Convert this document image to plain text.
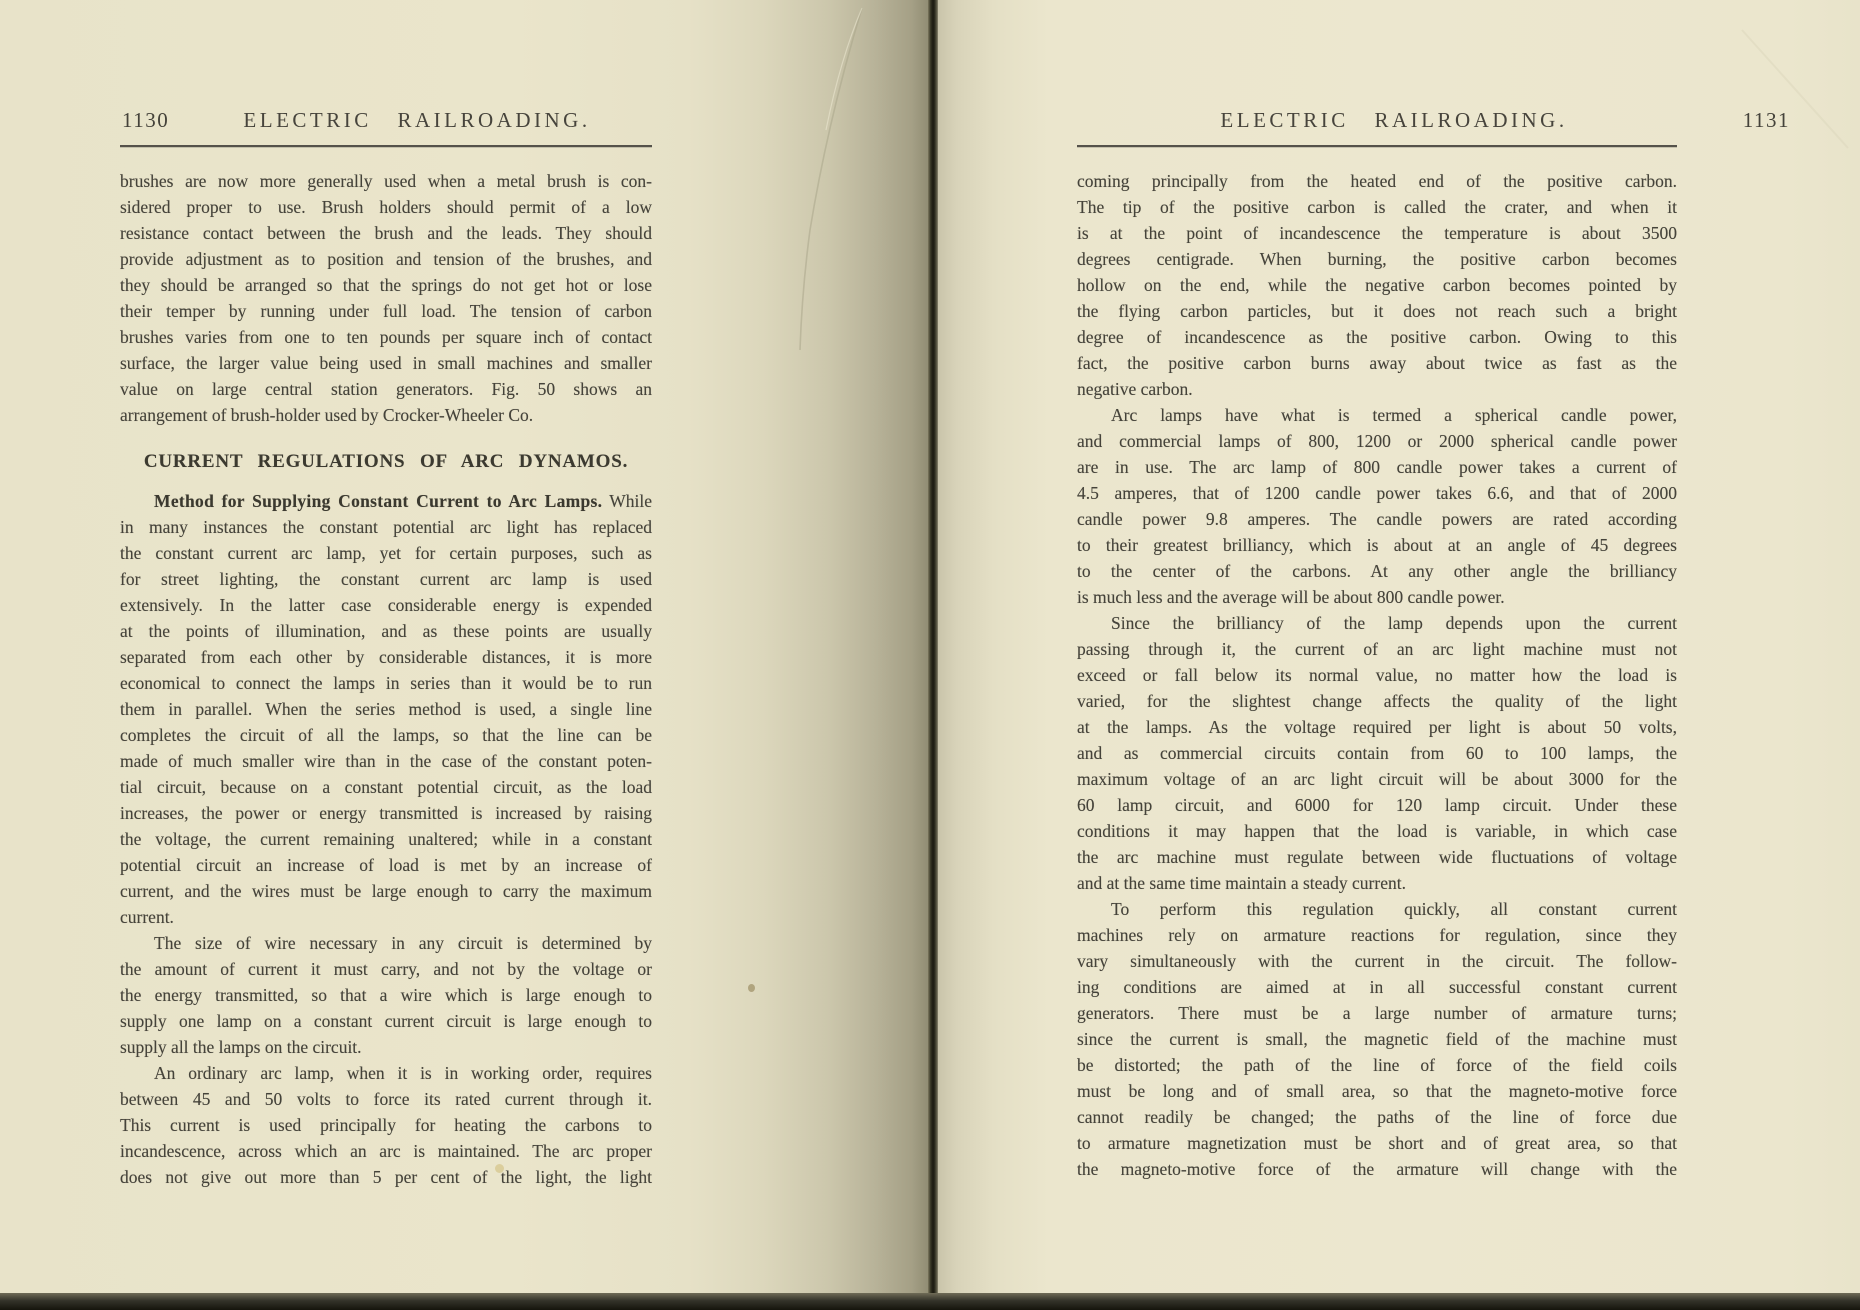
1130	ELECTRIC RAILROADING.
brushes are now more generally used when a metal brush is con-
sidered proper to use. Brush holders should permit of a low
resistance contact between the brush and the leads. They should
provide adjustment as to position and tension of the brushes, and
they should be arranged so that the springs do not get hot or lose
their temper by running under full load. The tension of carbon
brushes varies from one to ten pounds per square inch of contact
surface, the larger value being used in small machines and smaller
value on large central station generators. Fig. 50 shows an
arrangement of brush-holder used by Crocker-Wheeler Co.
CURRENT REGULATIONS OF ARC DYNAMOS.
Method for Supplying Constant Current to Arc Lamps. While
in many instances the constant potential arc light has replaced
the constant current arc lamp, yet for certain purposes, such as
for street lighting, the constant current arc lamp is used
extensively. In the latter case considerable energy is expended
at the points of illumination, and as these points are usually
separated from each other by considerable distances, it is more
economical to connect the lamps in series than it would be to run
them in parallel. When the series method is used, a single line
completes the circuit of all the lamps, so that the line can be
made of much smaller wire than in the case of the constant poten-
tial circuit, because on a constant potential circuit, as the load
increases, the power or energy transmitted is increased by raising
the voltage, the current remaining unaltered; while in a constant
potential circuit an increase of load is met by an increase of
current, and the wires must be large enough to carry the maximum
current.
The size of wire necessary in any circuit is determined by
the amount of current it must carry, and not by the voltage or
the energy transmitted, so that a wire which is large enough to
supply one lamp on a constant current circuit is large enough to
supply all the lamps on the circuit.
An ordinary arc lamp, when it is in working order, requires
between 45 and 50 volts to force its rated current through it.
This current is used principally for heating the carbons to
incandescence, across which an arc is maintained. The arc proper
does not give out more than 5 per cent of the light, the light
ELECTRIC RAILROADING.	1131
coming principally from the heated end of the positive carbon.
The tip of the positive carbon is called the crater, and when it
is at the point of incandescence the temperature is about 3500
degrees centigrade. When burning, the positive carbon becomes
hollow on the end, while the negative carbon becomes pointed by
the flying carbon particles, but it does not reach such a bright
degree of incandescence as the positive carbon. Owing to this
fact, the positive carbon burns away about twice as fast as the
negative carbon.
Arc lamps have what is termed a spherical candle power,
and commercial lamps of 800, 1200 or 2000 spherical candle power
are in use. The arc lamp of 800 candle power takes a current of
4.5 amperes, that of 1200 candle power takes 6.6, and that of 2000
candle power 9.8 amperes. The candle powers are rated according
to their greatest brilliancy, which is about at an angle of 45 degrees
to the center of the carbons. At any other angle the brilliancy
is much less and the average will be about 800 candle power.
Since the brilliancy of the lamp depends upon the current
passing through it, the current of an arc light machine must not
exceed or fall below its normal value, no matter how the load is
varied, for the slightest change affects the quality of the light
at the lamps. As the voltage required per light is about 50 volts,
and as commercial circuits contain from 60 to 100 lamps, the
maximum voltage of an arc light circuit will be about 3000 for the
60 lamp circuit, and 6000 for 120 lamp circuit. Under these
conditions it may happen that the load is variable, in which case
the arc machine must regulate between wide fluctuations of voltage
and at the same time maintain a steady current.
To perform this regulation quickly, all constant current
machines rely on armature reactions for regulation, since they
vary simultaneously with the current in the circuit. The follow-
ing conditions are aimed at in all successful constant current
generators. There must be a large number of armature turns;
since the current is small, the magnetic field of the machine must
be distorted; the path of the line of force of the field coils
must be long and of small area, so that the magneto-motive force
cannot readily be changed; the paths of the line of force due
to armature magnetization must be short and of great area, so that
the magneto-motive force of the armature will change with the
